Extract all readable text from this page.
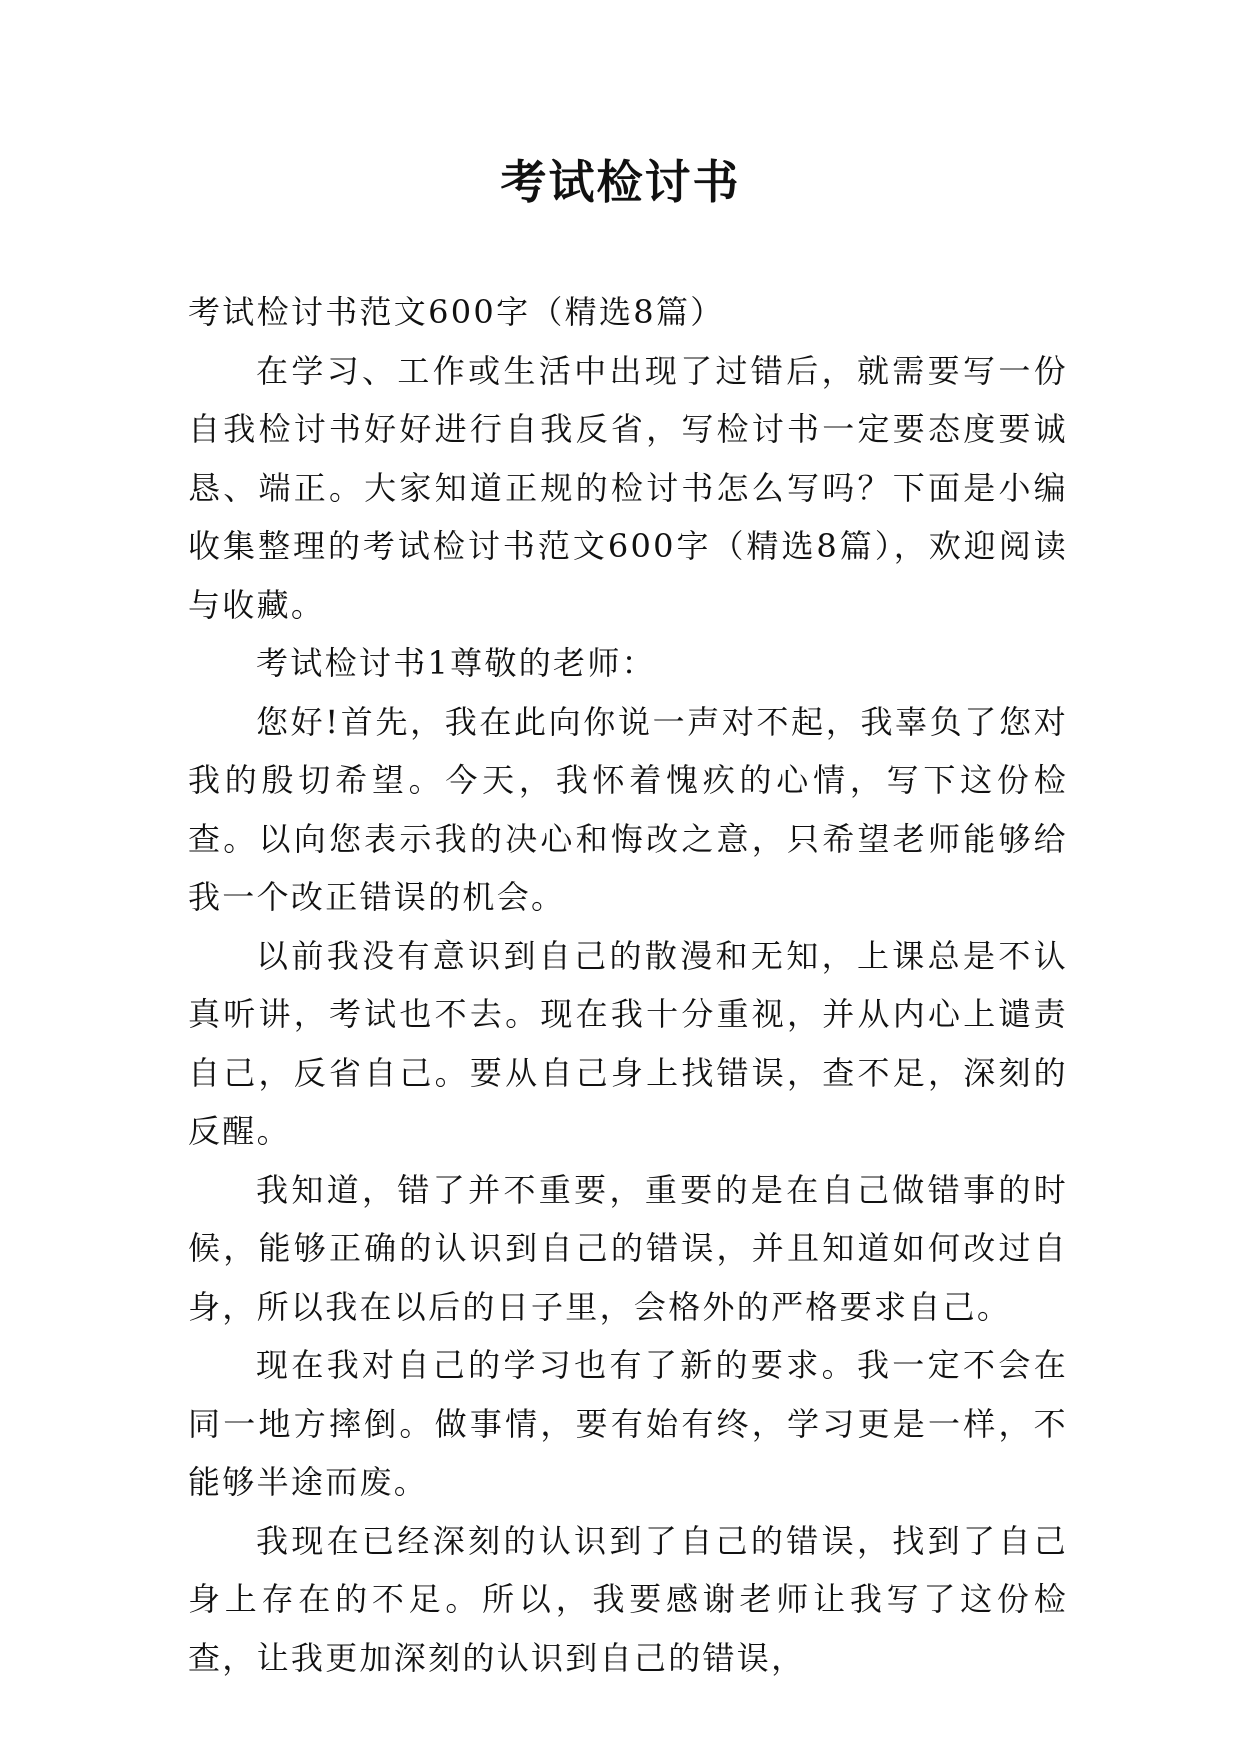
考试检讨书

考试检讨书范文600字（精选8篇）

在学习、工作或生活中出现了过错后，就需要写一份自我检讨书好好进行自我反省，写检讨书一定要态度要诚恳、端正。大家知道正规的检讨书怎么写吗？下面是小编收集整理的考试检讨书范文600字（精选8篇），欢迎阅读与收藏。

考试检讨书1尊敬的老师：

您好!首先，我在此向你说一声对不起，我辜负了您对我的殷切希望。今天，我怀着愧疚的心情，写下这份检查。以向您表示我的决心和悔改之意，只希望老师能够给我一个改正错误的机会。

以前我没有意识到自己的散漫和无知，上课总是不认真听讲，考试也不去。现在我十分重视，并从内心上谴责自己，反省自己。要从自己身上找错误，查不足，深刻的反醒。

我知道，错了并不重要，重要的是在自己做错事的时候，能够正确的认识到自己的错误，并且知道如何改过自身，所以我在以后的日子里，会格外的严格要求自己。

现在我对自己的学习也有了新的要求。我一定不会在同一地方摔倒。做事情，要有始有终，学习更是一样，不能够半途而废。

我现在已经深刻的认识到了自己的错误，找到了自己身上存在的不足。所以，我要感谢老师让我写了这份检查，让我更加深刻的认识到自己的错误，
